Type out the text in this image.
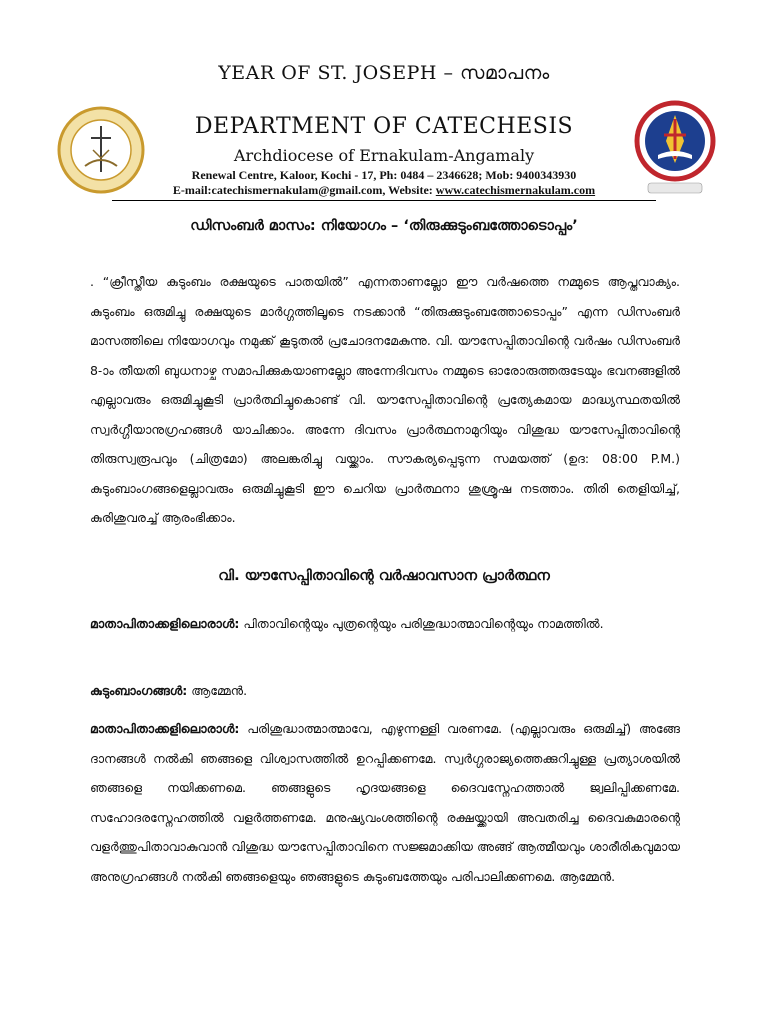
YEAR OF ST. JOSEPH – സമാപനം
DEPARTMENT OF CATECHESIS
Archdiocese of Ernakulam-Angamaly
Renewal Centre, Kaloor, Kochi - 17, Ph: 0484 – 2346628; Mob: 9400343930
E-mail:catechismernakulam@gmail.com, Website: www.catechismernakulam.com
ഡിസംബർ മാസം: നിയോഗം – ‘തിരുക്കുടുംബത്തോടൊപ്പം’
. “ക്രീസ്തീയ കുടുംബം രക്ഷയുടെ പാതയിൽ” എന്നതാണല്ലോ ഈ വർഷത്തെ നമ്മുടെ ആപ്തവാക്യം. കുടുംബം ഒരുമിച്ചു രക്ഷയുടെ മാർഗ്ഗത്തിലൂടെ നടക്കാൻ “തിരുക്കുടുംബത്തോടൊപ്പം” എന്ന ഡിസംബർ മാസത്തിലെ നിയോഗവും നമുക്ക് കൂടുതൽ പ്രചോദനമേകുന്നു. വി. യൗസേപ്പിതാവിന്റെ വർഷം ഡിസംബർ 8-ാം തീയതി ബുധനാഴ്ച സമാപിക്കുകയാണല്ലോ അന്നേദിവസം നമ്മുടെ ഓരോരുത്തരുടേയും ഭവനങ്ങളിൽ എല്ലാവരും ഒരുമിച്ചുകൂടി പ്രാർത്ഥിച്ചുകൊണ്ട് വി. യൗസേപ്പിതാവിന്റെ പ്രത്യേകമായ മാദ്ധ്യസ്ഥതയിൽ സ്വർഗ്ഗീയാനുഗ്രഹങ്ങൾ യാചിക്കാം. അന്നേ ദിവസം പ്രാർത്ഥനാമുറിയും വിശുദ്ധ യൗസേപ്പിതാവിന്റെ തിരുസ്വരൂപവും (ചിത്രമോ) അലങ്കരിച്ചു വയ്ക്കാം. സൗകര്യപ്പെടുന്ന സമയത്ത് (ഉദ: 08:00 P.M.) കുടുംബാംഗങ്ങളെല്ലാവരും ഒരുമിച്ചുകൂടി ഈ ചെറിയ പ്രാർത്ഥനാ ശുശ്രൂഷ നടത്താം. തിരി തെളിയിച്ച്, കുരിശുവരച്ച് ആരംഭിക്കാം.
വി. യൗസേപ്പിതാവിന്റെ വർഷാവസാന പ്രാർത്ഥന
മാതാപിതാക്കളിലൊരാൾ: പിതാവിന്റെയും പുത്രന്റെയും പരിശുദ്ധാത്മാവിന്റെയും നാമത്തിൽ.
കുടുംബാംഗങ്ങൾ: ആമ്മേൻ.
മാതാപിതാക്കളിലൊരാൾ: പരിശുദ്ധാത്മാത്മാവേ, എഴുന്നള്ളി വരണമേ. (എല്ലാവരും ഒരുമിച്ച്) അങ്ങേ ദാനങ്ങൾ നൽകി ഞങ്ങളെ വിശ്വാസത്തിൽ ഉറപ്പിക്കണമേ. സ്വർഗ്ഗരാജ്യത്തെക്കുറിച്ചുള്ള പ്രത്യാശയിൽ ഞങ്ങളെ നയിക്കണമെ. ഞങ്ങളുടെ ഹൃദയങ്ങളെ ദൈവസ്നേഹത്താൽ ജ്വലിപ്പിക്കണമേ. സഹോദരസ്നേഹത്തിൽ വളർത്തണമേ. മനുഷ്യവംശത്തിന്റെ രക്ഷയ്ക്കായി അവതരിച്ച ദൈവകുമാരന്റെ വളർത്തുപിതാവാകുവാൻ വിശുദ്ധ യൗസേപ്പിതാവിനെ സജ്ജമാക്കിയ അങ്ങ് ആത്മീയവും ശാരീരികവുമായ അനുഗ്രഹങ്ങൾ നൽകി ഞങ്ങളെയും ഞങ്ങളുടെ കുടുംബത്തേയും പരിപാലിക്കണമെ. ആമ്മേൻ.
